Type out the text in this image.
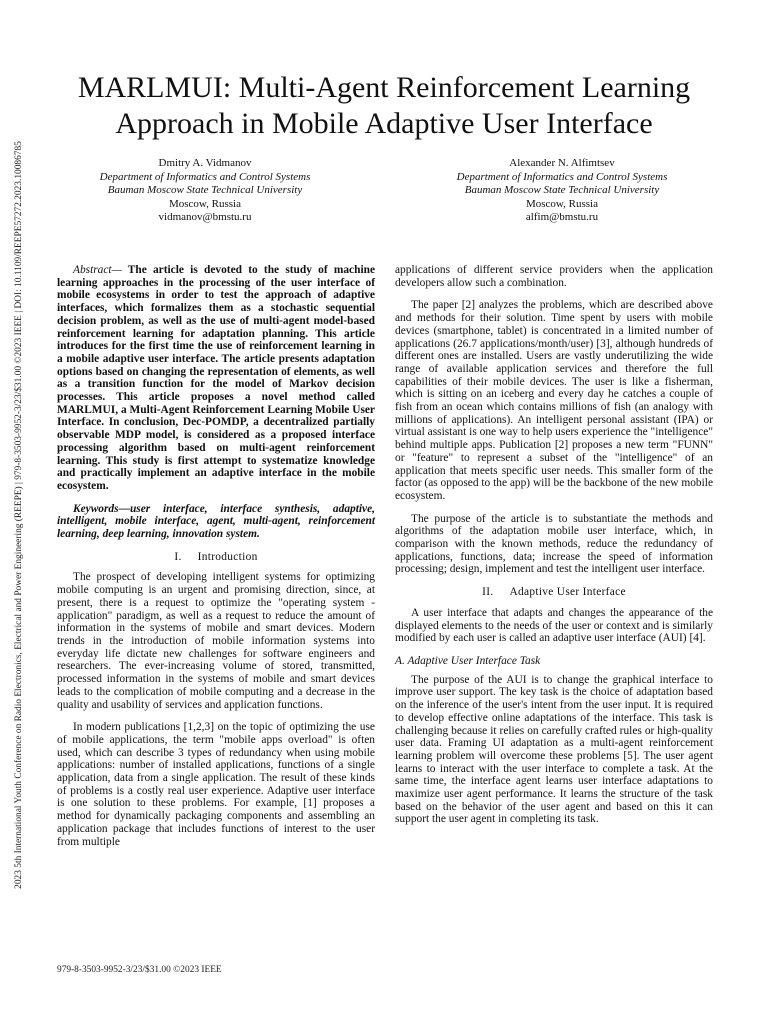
2023 5th International Youth Conference on Radio Electronics, Electrical and Power Engineering (REEPE) | 979-8-3503-9952-3/23/$31.00 ©2023 IEEE | DOI: 10.1109/REEPE57272.2023.10086785
MARLMUI: Multi-Agent Reinforcement Learning Approach in Mobile Adaptive User Interface
Dmitry A. Vidmanov
Department of Informatics and Control Systems
Bauman Moscow State Technical University
Moscow, Russia
vidmanov@bmstu.ru
Alexander N. Alfimtsev
Department of Informatics and Control Systems
Bauman Moscow State Technical University
Moscow, Russia
alfim@bmstu.ru

Abstract— The article is devoted to the study of machine learning approaches in the processing of the user interface of mobile ecosystems in order to test the approach of adaptive interfaces, which formalizes them as a stochastic sequential decision problem, as well as the use of multi-agent model-based reinforcement learning for adaptation planning. This article introduces for the first time the use of reinforcement learning in a mobile adaptive user interface. The article presents adaptation options based on changing the representation of elements, as well as a transition function for the model of Markov decision processes. This article proposes a novel method called MARLMUI, a Multi-Agent Reinforcement Learning Mobile User Interface. In conclusion, Dec-POMDP, a decentralized partially observable MDP model, is considered as a proposed interface processing algorithm based on multi-agent reinforcement learning. This study is first attempt to systematize knowledge and practically implement an adaptive interface in the mobile ecosystem.

Keywords—user interface, interface synthesis, adaptive, intelligent, mobile interface, agent, multi-agent, reinforcement learning, deep learning, innovation system.

I. Introduction

The prospect of developing intelligent systems for optimizing mobile computing is an urgent and promising direction, since, at present, there is a request to optimize the "operating system - application" paradigm, as well as a request to reduce the amount of information in the systems of mobile and smart devices. Modern trends in the introduction of mobile information systems into everyday life dictate new challenges for software engineers and researchers. The ever-increasing volume of stored, transmitted, processed information in the systems of mobile and smart devices leads to the complication of mobile computing and a decrease in the quality and usability of services and application functions.

In modern publications [1,2,3] on the topic of optimizing the use of mobile applications, the term "mobile apps overload" is often used, which can describe 3 types of redundancy when using mobile applications: number of installed applications, functions of a single application, data from a single application. The result of these kinds of problems is a costly real user experience. Adaptive user interface is one solution to these problems. For example, [1] proposes a method for dynamically packaging components and assembling an application package that includes functions of interest to the user from multiple

applications of different service providers when the application developers allow such a combination.

The paper [2] analyzes the problems, which are described above and methods for their solution. Time spent by users with mobile devices (smartphone, tablet) is concentrated in a limited number of applications (26.7 applications/month/user) [3], although hundreds of different ones are installed. Users are vastly underutilizing the wide range of available application services and therefore the full capabilities of their mobile devices. The user is like a fisherman, which is sitting on an iceberg and every day he catches a couple of fish from an ocean which contains millions of fish (an analogy with millions of applications). An intelligent personal assistant (IPA) or virtual assistant is one way to help users experience the "intelligence" behind multiple apps. Publication [2] proposes a new term "FUNN" or "feature" to represent a subset of the "intelligence" of an application that meets specific user needs. This smaller form of the factor (as opposed to the app) will be the backbone of the new mobile ecosystem.

The purpose of the article is to substantiate the methods and algorithms of the adaptation mobile user interface, which, in comparison with the known methods, reduce the redundancy of applications, functions, data; increase the speed of information processing; design, implement and test the intelligent user interface.

II. Adaptive User Interface

A user interface that adapts and changes the appearance of the displayed elements to the needs of the user or context and is similarly modified by each user is called an adaptive user interface (AUI) [4].

A. Adaptive User Interface Task

The purpose of the AUI is to change the graphical interface to improve user support. The key task is the choice of adaptation based on the inference of the user's intent from the user input. It is required to develop effective online adaptations of the interface. This task is challenging because it relies on carefully crafted rules or high-quality user data. Framing UI adaptation as a multi-agent reinforcement learning problem will overcome these problems [5]. The user agent learns to interact with the user interface to complete a task. At the same time, the interface agent learns user interface adaptations to maximize user agent performance. It learns the structure of the task based on the behavior of the user agent and based on this it can support the user agent in completing its task.

979-8-3503-9952-3/23/$31.00 ©2023 IEEE
